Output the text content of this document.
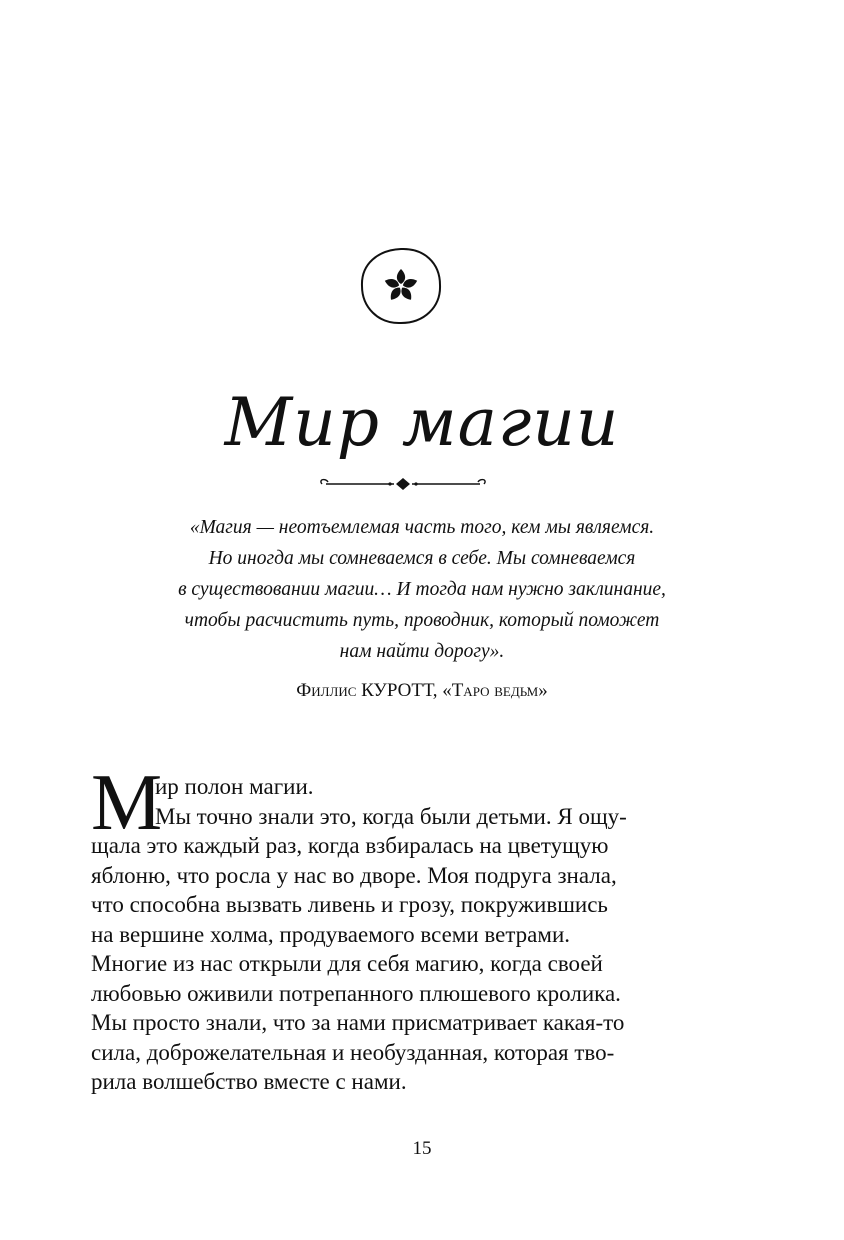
Мир магии

«Магия — неотъемлемая часть того, кем мы являемся.
Но иногда мы сомневаемся в себе. Мы сомневаемся
в существовании магии… И тогда нам нужно заклинание,
чтобы расчистить путь, проводник, который поможет
нам найти дорогу».

Филлис КУРОТТ, «Таро ведьм»

М
ир полон магии.
Мы точно знали это, когда были детьми. Я ощу-
щала это каждый раз, когда взбиралась на цветущую
яблоню, что росла у нас во дворе. Моя подруга знала,
что способна вызвать ливень и грозу, покружившись
на вершине холма, продуваемого всеми ветрами.
Многие из нас открыли для себя магию, когда своей
любовью оживили потрепанного плюшевого кролика.
Мы просто знали, что за нами присматривает какая-то
сила, доброжелательная и необузданная, которая тво-
рила волшебство вместе с нами.
15
